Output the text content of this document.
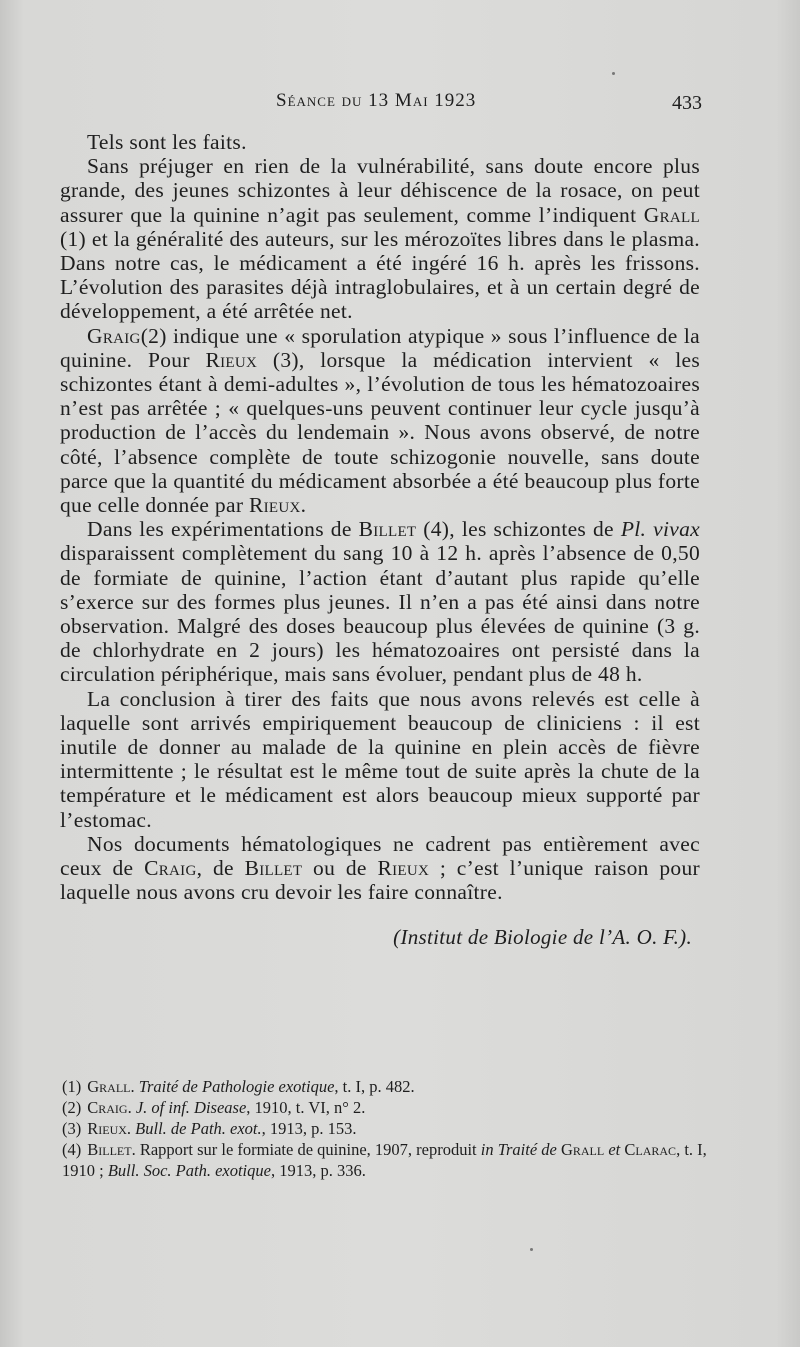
Séance du 13 Mai 1923	433

Tels sont les faits.

Sans préjuger en rien de la vulnérabilité, sans doute encore plus grande, des jeunes schizontes à leur déhiscence de la rosace, on peut assurer que la quinine n’agit pas seulement, comme l’indiquent Grall (1) et la généralité des auteurs, sur les mérozoïtes libres dans le plasma. Dans notre cas, le médicament a été ingéré 16 h. après les frissons. L’évolution des parasites déjà intraglobulaires, et à un certain degré de développement, a été arrêtée net.

Graig(2) indique une « sporulation atypique » sous l’influence de la quinine. Pour Rieux (3), lorsque la médication intervient « les schizontes étant à demi-adultes », l’évolution de tous les hématozoaires n’est pas arrêtée ; « quelques-uns peuvent continuer leur cycle jusqu’à production de l’accès du lendemain ». Nous avons observé, de notre côté, l’absence complète de toute schizogonie nouvelle, sans doute parce que la quantité du médicament absorbée a été beaucoup plus forte que celle donnée par Rieux.

Dans les expérimentations de Billet (4), les schizontes de Pl. vivax disparaissent complètement du sang 10 à 12 h. après l’absence de 0,50 de formiate de quinine, l’action étant d’autant plus rapide qu’elle s’exerce sur des formes plus jeunes. Il n’en a pas été ainsi dans notre observation. Malgré des doses beaucoup plus élevées de quinine (3 g. de chlorhydrate en 2 jours) les hématozoaires ont persisté dans la circulation périphérique, mais sans évoluer, pendant plus de 48 h.

La conclusion à tirer des faits que nous avons relevés est celle à laquelle sont arrivés empiriquement beaucoup de cliniciens : il est inutile de donner au malade de la quinine en plein accès de fièvre intermittente ; le résultat est le même tout de suite après la chute de la température et le médicament est alors beaucoup mieux supporté par l’estomac.

Nos documents hématologiques ne cadrent pas entièrement avec ceux de Craig, de Billet ou de Rieux ; c’est l’unique raison pour laquelle nous avons cru devoir les faire connaître.

(Institut de Biologie de l’A. O. F.).

(1) Grall. Traité de Pathologie exotique, t. I, p. 482.

(2) Craig. J. of inf. Disease, 1910, t. VI, n° 2.

(3) Rieux. Bull. de Path. exot., 1913, p. 153.

(4) Billet. Rapport sur le formiate de quinine, 1907, reproduit in Traité de Grall et Clarac, t. I, 1910 ; Bull. Soc. Path. exotique, 1913, p. 336.
